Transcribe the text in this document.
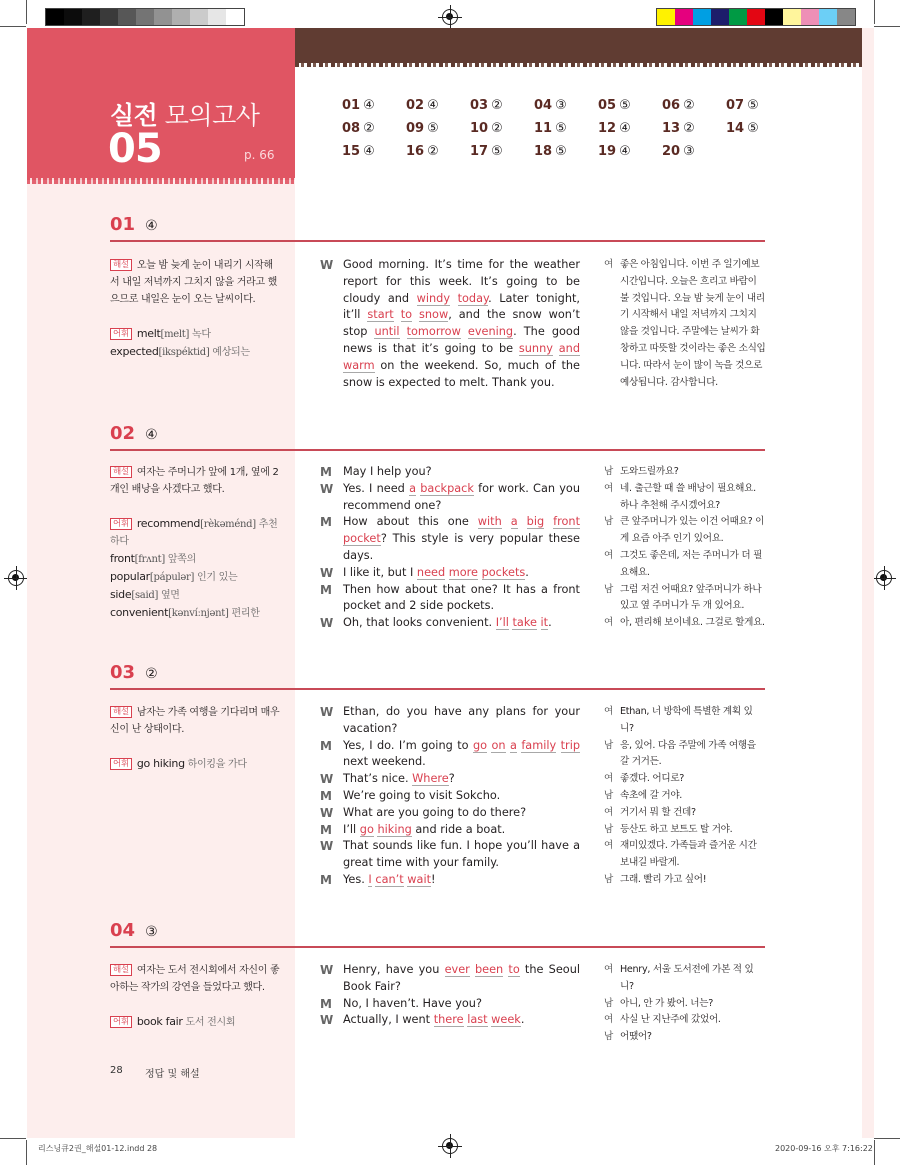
실전 모의고사
05	p. 66
01 ④	02 ④	03 ②	04 ③	05 ⑤	06 ②	07 ⑤
08 ②	09 ⑤	10 ②	11 ⑤	12 ④	13 ②	14 ⑤
15 ④	16 ②	17 ⑤	18 ⑤	19 ④	20 ③
01 ④
해설 오늘 밤 늦게 눈이 내리기 시작해서 내일 저녁까지 그치지 않을 거라고 했으므로 내일은 눈이 오는 날씨이다.
어휘 melt[melt] 녹다
expected[ikspéktid] 예상되는
W Good morning. It’s time for the weather report for this week. It’s going to be cloudy and windy today. Later tonight, it’ll start to snow, and the snow won’t stop until tomorrow evening. The good news is that it’s going to be sunny and warm on the weekend. So, much of the snow is expected to melt. Thank you.
여 좋은 아침입니다. 이번 주 일기예보 시간입니다. 오늘은 흐리고 바람이 불 것입니다. 오늘 밤 늦게 눈이 내리기 시작해서 내일 저녁까지 그치지 않을 것입니다. 주말에는 날씨가 화창하고 따뜻할 것이라는 좋은 소식입니다. 따라서 눈이 많이 녹을 것으로 예상됩니다. 감사합니다.
02 ④
해설 여자는 주머니가 앞에 1개, 옆에 2개인 배낭을 사겠다고 했다.
어휘 recommend[rèkəménd] 추천하다
front[frʌnt] 앞쪽의
popular[pápulər] 인기 있는
side[said] 옆면
convenient[kənvíːnjənt] 편리한
M May I help you?
W Yes. I need a backpack for work. Can you recommend one?
M How about this one with a big front pocket? This style is very popular these days.
W I like it, but I need more pockets.
M Then how about that one? It has a front pocket and 2 side pockets.
W Oh, that looks convenient. I’ll take it.
남 도와드릴까요?
여 네. 출근할 때 쓸 배낭이 필요해요. 하나 추천해 주시겠어요?
남 큰 앞주머니가 있는 이건 어때요? 이게 요즘 아주 인기 있어요.
여 그것도 좋은데, 저는 주머니가 더 필요해요.
남 그럼 저건 어때요? 앞주머니가 하나 있고 옆 주머니가 두 개 있어요.
여 아, 편리해 보이네요. 그걸로 할게요.
03 ②
해설 남자는 가족 여행을 기다리며 매우 신이 난 상태이다.
어휘 go hiking 하이킹을 가다
W Ethan, do you have any plans for your vacation?
M Yes, I do. I’m going to go on a family trip next weekend.
W That’s nice. Where?
M We’re going to visit Sokcho.
W What are you going to do there?
M I’ll go hiking and ride a boat.
W That sounds like fun. I hope you’ll have a great time with your family.
M Yes. I can’t wait!
여 Ethan, 너 방학에 특별한 계획 있니?
남 응, 있어. 다음 주말에 가족 여행을 갈 거거든.
여 좋겠다. 어디로?
남 속초에 갈 거야.
여 거기서 뭐 할 건데?
남 등산도 하고 보트도 탈 거야.
여 재미있겠다. 가족들과 즐거운 시간 보내길 바랄게.
남 그래. 빨리 가고 싶어!
04 ③
해설 여자는 도서 전시회에서 자신이 좋아하는 작가의 강연을 들었다고 했다.
어휘 book fair 도서 전시회
W Henry, have you ever been to the Seoul Book Fair?
M No, I haven’t. Have you?
W Actually, I went there last week.
여 Henry, 서울 도서전에 가본 적 있니?
남 아니, 안 가 봤어. 너는?
여 사실 난 지난주에 갔었어.
남 어땠어?
28 정답 및 해설
리스닝큐2권_해설01-12.indd 28	2020-09-16 오후 7:16:22
